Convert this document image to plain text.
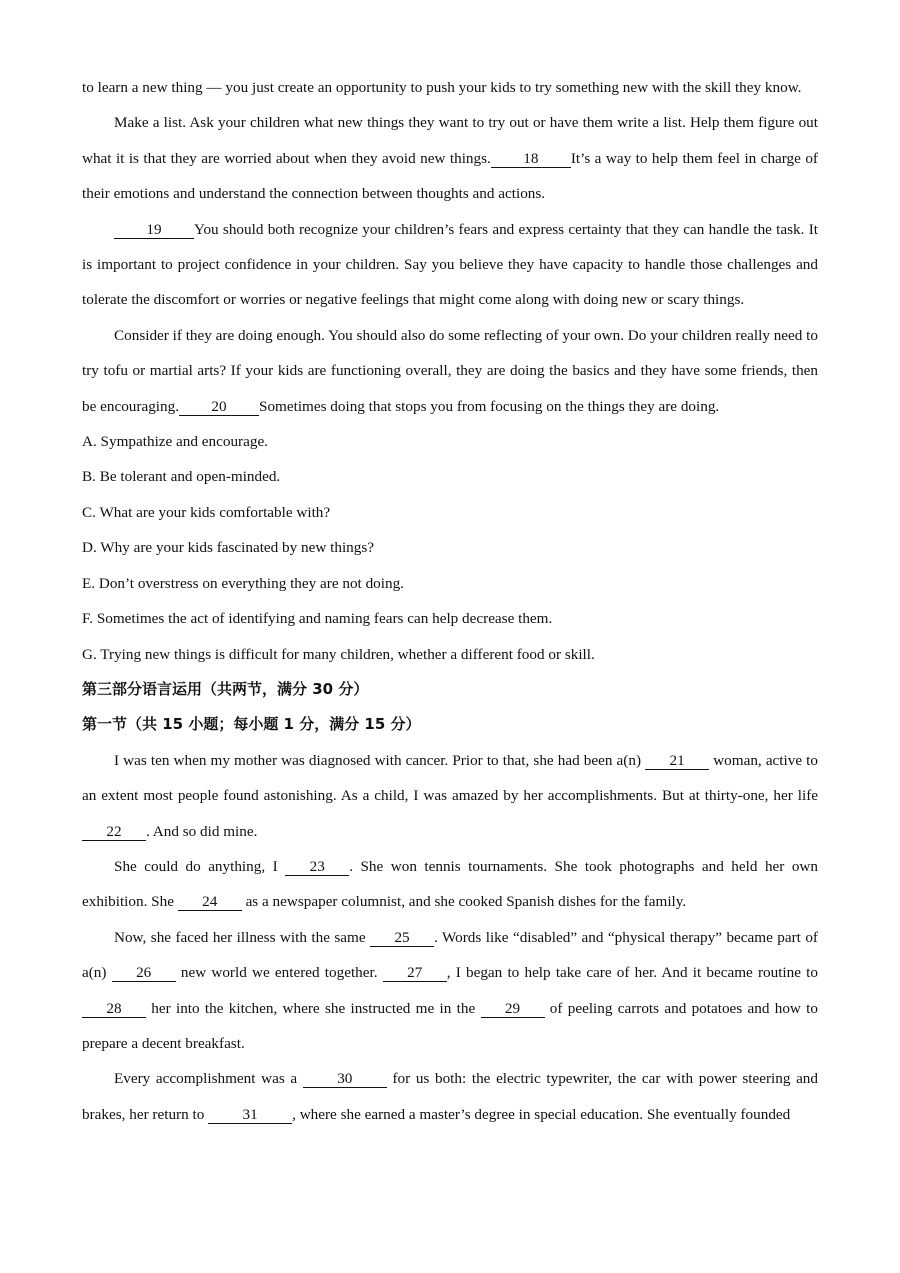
to learn a new thing — you just create an opportunity to push your kids to try something new with the skill they know.

Make a list. Ask your children what new things they want to try out or have them write a list. Help them figure out what it is that they are worried about when they avoid new things. 18 It’s a way to help them feel in charge of their emotions and understand the connection between thoughts and actions.

19 You should both recognize your children’s fears and express certainty that they can handle the task. It is important to project confidence in your children. Say you believe they have capacity to handle those challenges and tolerate the discomfort or worries or negative feelings that might come along with doing new or scary things.

Consider if they are doing enough. You should also do some reflecting of your own. Do your children really need to try tofu or martial arts? If your kids are functioning overall, they are doing the basics and they have some friends, then be encouraging. 20 Sometimes doing that stops you from focusing on the things they are doing.

A. Sympathize and encourage.

B. Be tolerant and open-minded.

C. What are your kids comfortable with?

D. Why are your kids fascinated by new things?

E. Don’t overstress on everything they are not doing.

F. Sometimes the act of identifying and naming fears can help decrease them.

G. Trying new things is difficult for many children, whether a different food or skill.

第三部分语言运用（共两节，满分 30 分）

第一节（共 15 小题；每小题 1 分，满分 15 分）

I was ten when my mother was diagnosed with cancer. Prior to that, she had been a(n) 21 woman, active to an extent most people found astonishing. As a child, I was amazed by her accomplishments. But at thirty-one, her life 22 . And so did mine.

She could do anything, I 23 . She won tennis tournaments. She took photographs and held her own exhibition. She 24 as a newspaper columnist, and she cooked Spanish dishes for the family.

Now, she faced her illness with the same 25 . Words like “disabled” and “physical therapy” became part of a(n) 26 new world we entered together. 27 , I began to help take care of her. And it became routine to 28 her into the kitchen, where she instructed me in the 29 of peeling carrots and potatoes and how to prepare a decent breakfast.

Every accomplishment was a 30 for us both: the electric typewriter, the car with power steering and brakes, her return to 31 , where she earned a master’s degree in special education. She eventually founded
